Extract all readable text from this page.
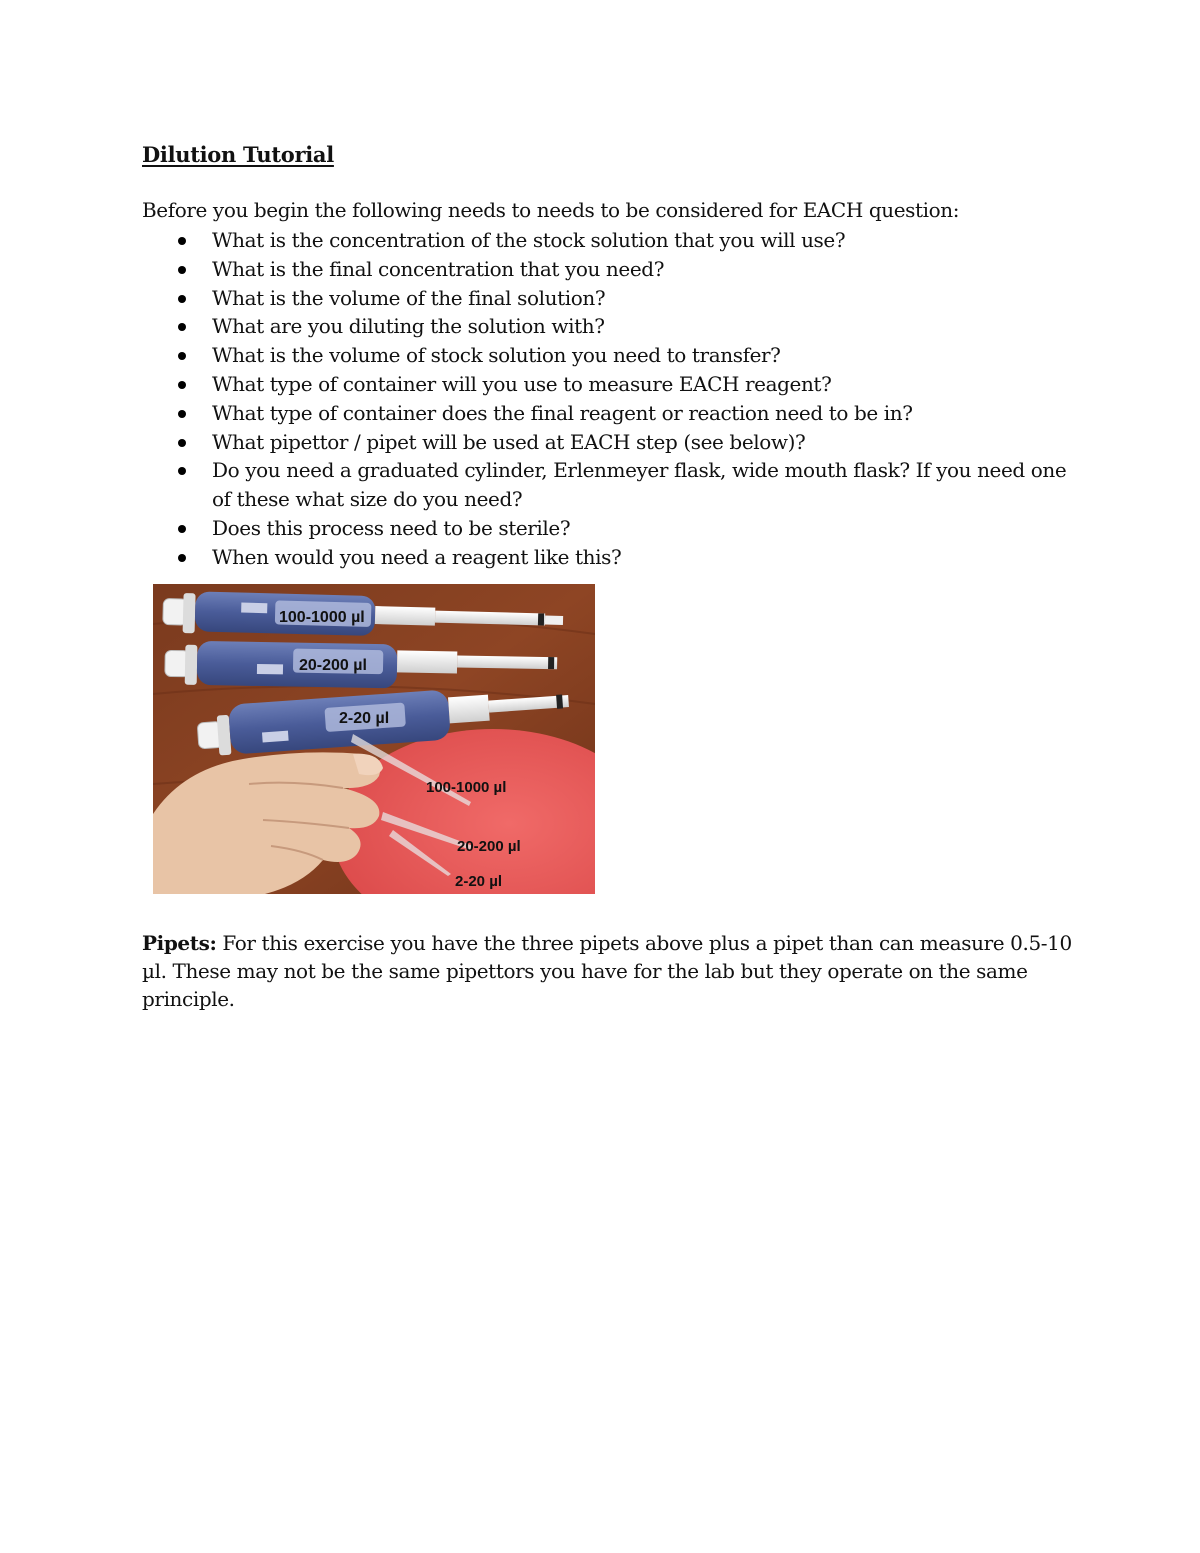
Dilution Tutorial
Before you begin the following needs to needs to be considered for EACH question:
What is the concentration of the stock solution that you will use?
What is the final concentration that you need?
What is the volume of the final solution?
What are you diluting the solution with?
What is the volume of stock solution you need to transfer?
What type of container will you use to measure EACH reagent?
What type of container does the final reagent or reaction need to be in?
What pipettor / pipet will be used at EACH step (see below)?
Do you need a graduated cylinder, Erlenmeyer flask, wide mouth flask? If you need one of these what size do you need?
Does this process need to be sterile?
When would you need a reagent like this?
100-1000 µl
20-200 µl
2-20 µl
100-1000 µl
20-200 µl
2-20 µl
Pipets: For this exercise you have the three pipets above plus a pipet than can measure 0.5-10 µl. These may not be the same pipettors you have for the lab but they operate on the same principle.
